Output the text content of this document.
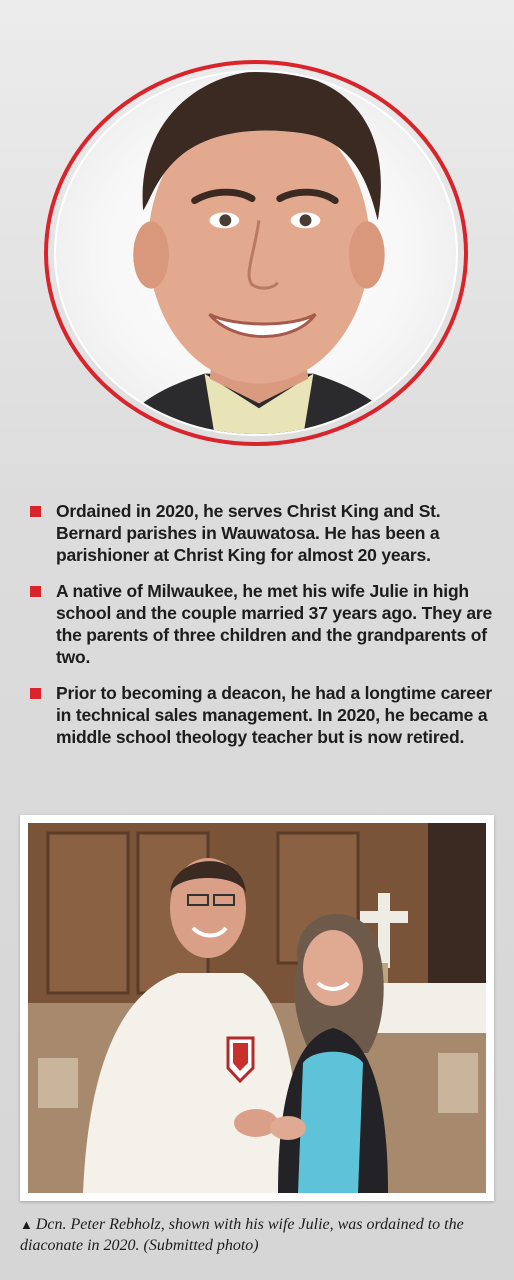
Ordained in 2020, he serves Christ King and St. Bernard parishes in Wauwatosa. He has been a parishioner at Christ King for almost 20 years.
A native of Milwaukee, he met his wife Julie in high school and the couple married 37 years ago. They are the parents of three children and the grandparents of two.
Prior to becoming a deacon, he had a longtime career in technical sales management. In 2020, he became a middle school theology teacher but is now retired.

▲ Dcn. Peter Rebholz, shown with his wife Julie, was ordained to the diaconate in 2020. (Submitted photo)
